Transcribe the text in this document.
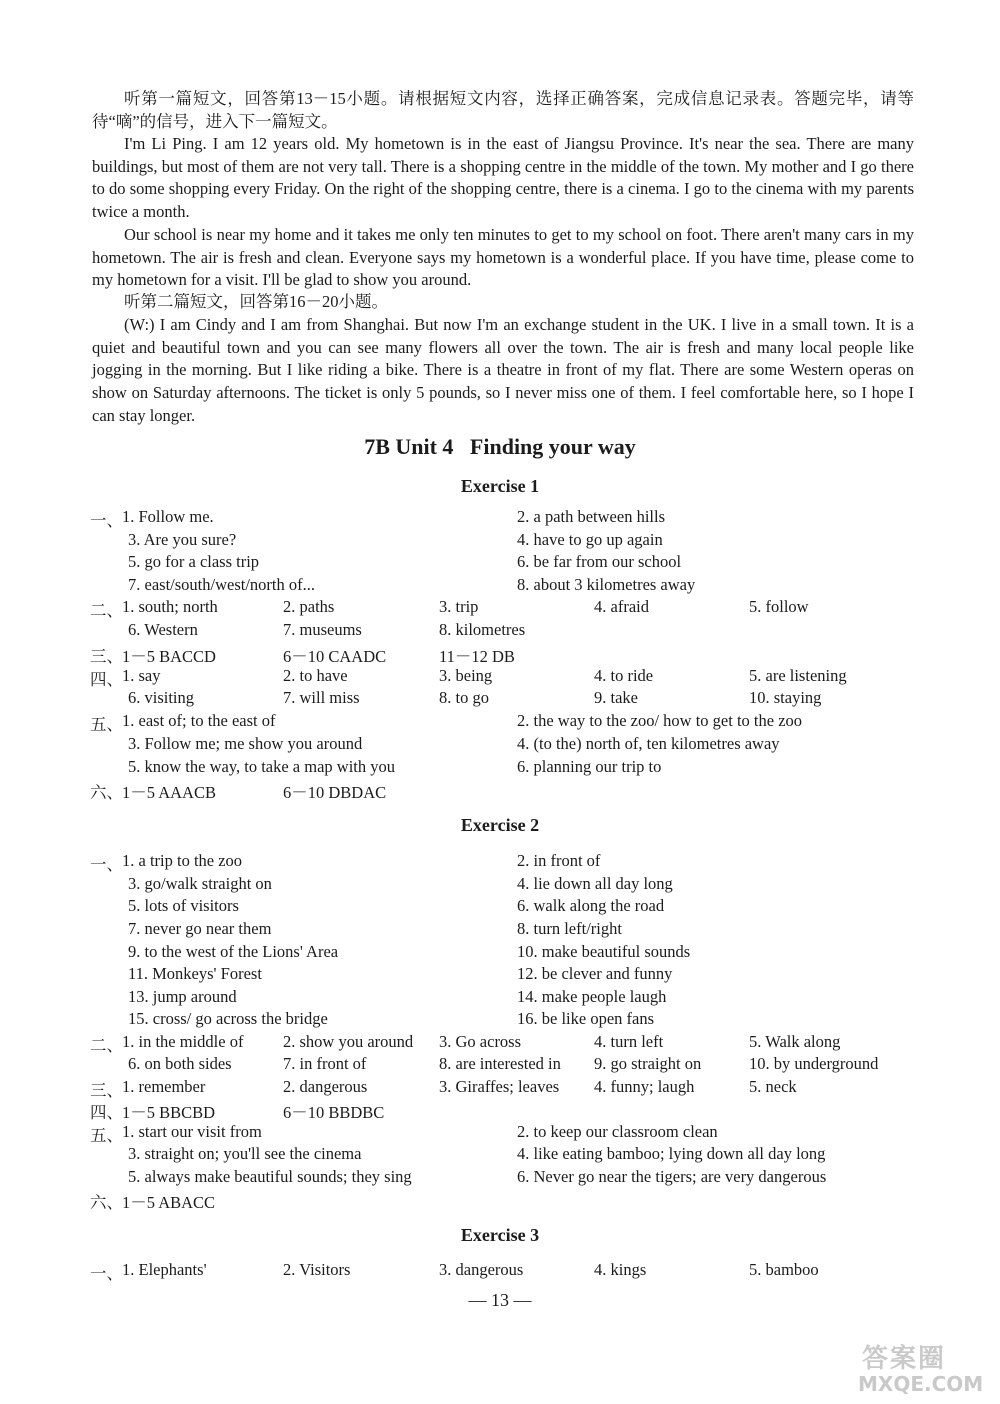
听第一篇短文，回答第13－15小题。请根据短文内容，选择正确答案，完成信息记录表。答题完毕，请等待“嘀”的信号，进入下一篇短文。

I'm Li Ping. I am 12 years old. My hometown is in the east of Jiangsu Province. It's near the sea. There are many buildings, but most of them are not very tall. There is a shopping centre in the middle of the town. My mother and I go there to do some shopping every Friday. On the right of the shopping centre, there is a cinema. I go to the cinema with my parents twice a month.

Our school is near my home and it takes me only ten minutes to get to my school on foot. There aren't many cars in my hometown. The air is fresh and clean. Everyone says my hometown is a wonderful place. If you have time, please come to my hometown for a visit. I'll be glad to show you around.

听第二篇短文，回答第16－20小题。

(W:) I am Cindy and I am from Shanghai. But now I'm an exchange student in the UK. I live in a small town. It is a quiet and beautiful town and you can see many flowers all over the town. The air is fresh and many local people like jogging in the morning. But I like riding a bike. There is a theatre in front of my flat. There are some Western operas on show on Saturday afternoons. The ticket is only 5 pounds, so I never miss one of them. I feel comfortable here, so I hope I can stay longer.

7B Unit 4   Finding your way
Exercise 1
一、 1. Follow me.	2. a path between hills
3. Are you sure?	4. have to go up again
5. go for a class trip	6. be far from our school
7. east/south/west/north of...	8. about 3 kilometres away
二、 1. south; north	2. paths	3. trip	4. afraid	5. follow
6. Western	7. museums	8. kilometres
三、 1－5 BACCD	6－10 CAADC	11－12 DB
四、 1. say	2. to have	3. being	4. to ride	5. are listening
6. visiting	7. will miss	8. to go	9. take	10. staying
五、 1. east of; to the east of	2. the way to the zoo/ how to get to the zoo
3. Follow me; me show you around	4. (to the) north of, ten kilometres away
5. know the way, to take a map with you	6. planning our trip to
六、 1－5 AAACB	6－10 DBDAC
Exercise 2
一、 1. a trip to the zoo	2. in front of
3. go/walk straight on	4. lie down all day long
5. lots of visitors	6. walk along the road
7. never go near them	8. turn left/right
9. to the west of the Lions' Area	10. make beautiful sounds
11. Monkeys' Forest	12. be clever and funny
13. jump around	14. make people laugh
15. cross/ go across the bridge	16. be like open fans
二、 1. in the middle of 2. show you around 3. Go across	4. turn left	5. Walk along
6. on both sides	7. in front of	8. are interested in 9. go straight on	10. by underground
三、 1. remember	2. dangerous	3. Giraffes; leaves 4. funny; laugh	5. neck
四、 1－5 BBCBD	6－10 BBDBC
五、 1. start our visit from	2. to keep our classroom clean
3. straight on; you'll see the cinema	4. like eating bamboo; lying down all day long
5. always make beautiful sounds; they sing	6. Never go near the tigers; are very dangerous
六、 1－5 ABACC
Exercise 3
一、 1. Elephants'	2. Visitors	3. dangerous	4. kings	5. bamboo
— 13 —
答案圈
MXQE.COM
